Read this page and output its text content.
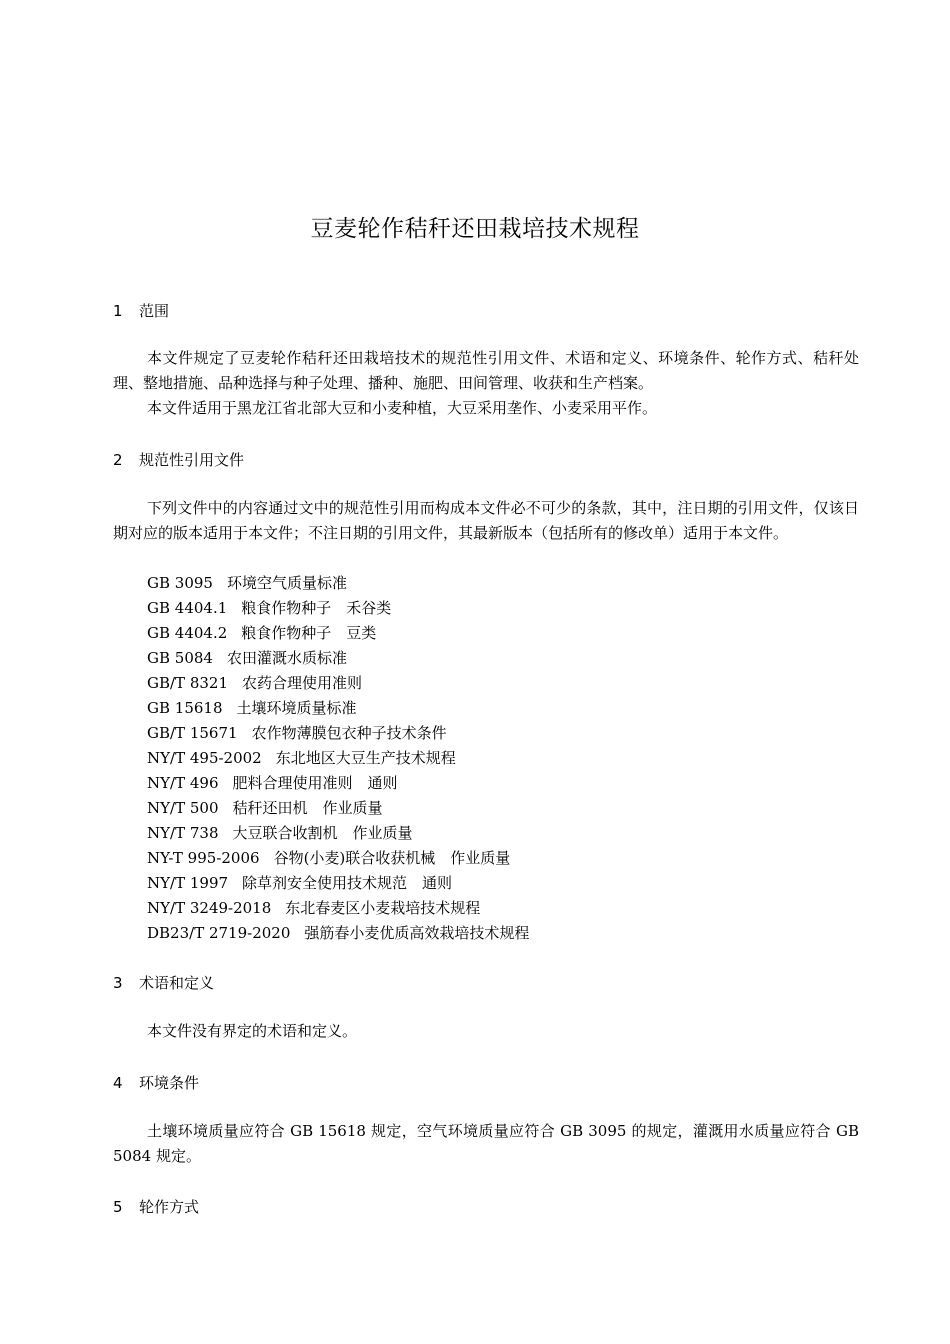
豆麦轮作秸秆还田栽培技术规程
1 范围
本文件规定了豆麦轮作秸秆还田栽培技术的规范性引用文件、术语和定义、环境条件、轮作方式、秸秆处理、整地措施、品种选择与种子处理、播种、施肥、田间管理、收获和生产档案。
本文件适用于黑龙江省北部大豆和小麦种植，大豆采用垄作、小麦采用平作。
2 规范性引用文件
下列文件中的内容通过文中的规范性引用而构成本文件必不可少的条款，其中，注日期的引用文件，仅该日期对应的版本适用于本文件；不注日期的引用文件，其最新版本（包括所有的修改单）适用于本文件。
GB 3095 环境空气质量标准
GB 4404.1 粮食作物种子　禾谷类
GB 4404.2 粮食作物种子　豆类
GB 5084 农田灌溉水质标准
GB/T 8321 农药合理使用准则
GB 15618 土壤环境质量标准
GB/T 15671 农作物薄膜包衣种子技术条件
NY/T 495-2002 东北地区大豆生产技术规程
NY/T 496 肥料合理使用准则　通则
NY/T 500 秸秆还田机　作业质量
NY/T 738 大豆联合收割机　作业质量
NY-T 995-2006 谷物(小麦)联合收获机械　作业质量
NY/T 1997 除草剂安全使用技术规范　通则
NY/T 3249-2018 东北春麦区小麦栽培技术规程
DB23/T 2719-2020 强筋春小麦优质高效栽培技术规程
3 术语和定义
本文件没有界定的术语和定义。
4 环境条件
土壤环境质量应符合 GB 15618 规定，空气环境质量应符合 GB 3095 的规定，灌溉用水质量应符合 GB 5084 规定。
5 轮作方式
